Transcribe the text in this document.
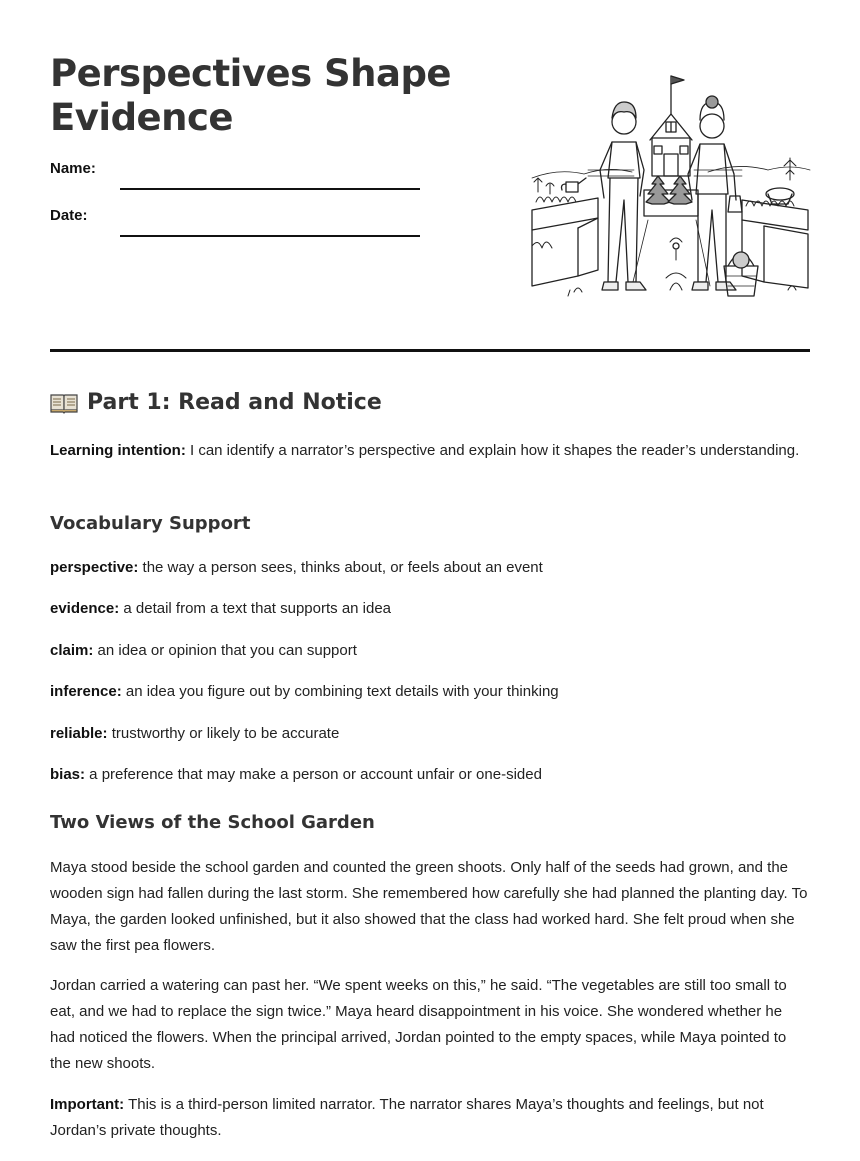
Perspectives Shape Evidence
Name:
Date:
Part 1: Read and Notice

Learning intention: I can identify a narrator’s perspective and explain how it shapes the reader’s understanding.

Vocabulary Support

perspective: the way a person sees, thinks about, or feels about an event

evidence: a detail from a text that supports an idea

claim: an idea or opinion that you can support

inference: an idea you figure out by combining text details with your thinking

reliable: trustworthy or likely to be accurate

bias: a preference that may make a person or account unfair or one-sided

Two Views of the School Garden

Maya stood beside the school garden and counted the green shoots. Only half of the seeds had grown, and the wooden sign had fallen during the last storm. She remembered how carefully she had planned the planting day. To Maya, the garden looked unfinished, but it also showed that the class had worked hard. She felt proud when she saw the first pea flowers.

Jordan carried a watering can past her. “We spent weeks on this,” he said. “The vegetables are still too small to eat, and we had to replace the sign twice.” Maya heard disappointment in his voice. She wondered whether he had noticed the flowers. When the principal arrived, Jordan pointed to the empty spaces, while Maya pointed to the new shoots.

Important: This is a third-person limited narrator. The narrator shares Maya’s thoughts and feelings, but not Jordan’s private thoughts.
